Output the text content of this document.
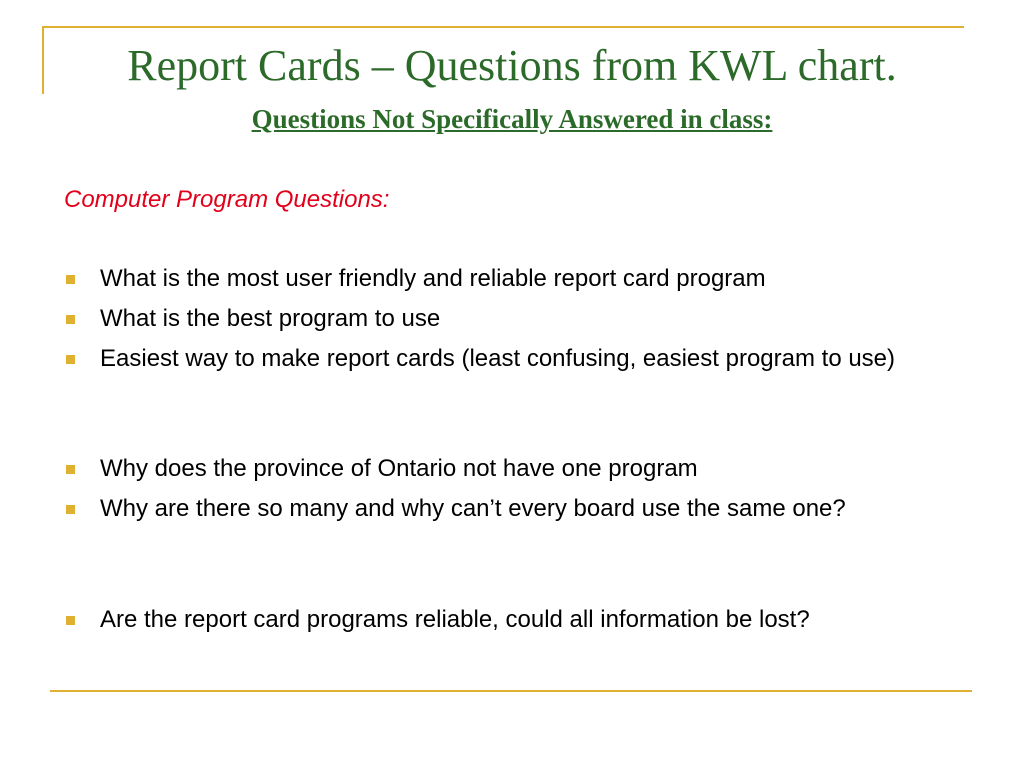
Report Cards – Questions from KWL chart.
Questions Not Specifically Answered in class:
Computer Program Questions:
What is the most user friendly and reliable report card program
What is the best program to use
Easiest way to make report cards (least confusing, easiest program to use)
Why does the province of Ontario not have one program
Why are there so many and why can’t every board use the same one?
Are the report card programs reliable, could all information be lost?
